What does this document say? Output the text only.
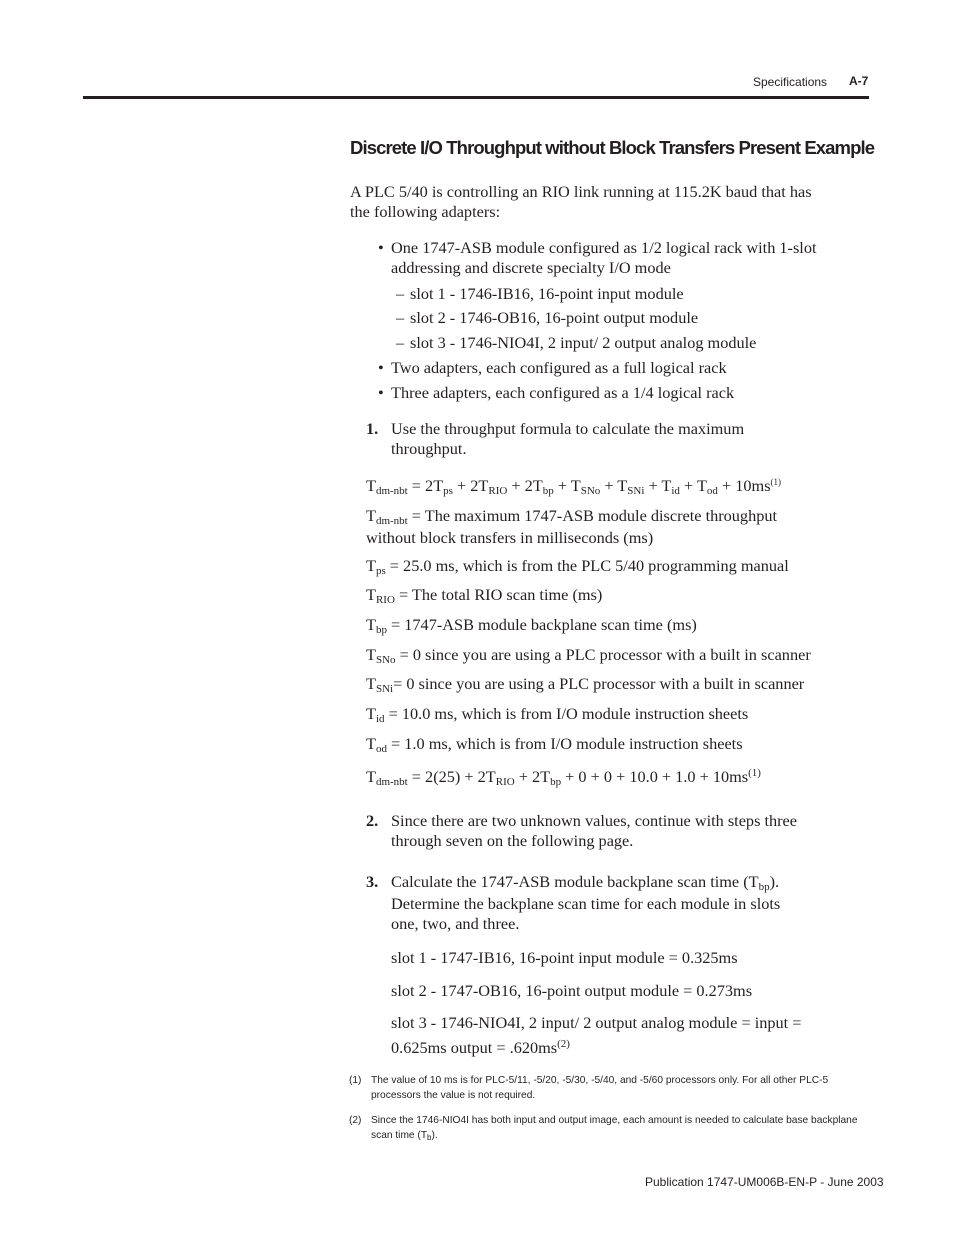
Specifications A-7
Discrete I/O Throughput without Block Transfers Present Example
A PLC 5/40 is controlling an RIO link running at 115.2K baud that has
the following adapters:
• One 1747-ASB module configured as 1/2 logical rack with 1-slot
addressing and discrete specialty I/O mode
– slot 1 - 1746-IB16, 16-point input module
– slot 2 - 1746-OB16, 16-point output module
– slot 3 - 1746-NIO4I, 2 input/ 2 output analog module
• Two adapters, each configured as a full logical rack
• Three adapters, each configured as a 1/4 logical rack
1. Use the throughput formula to calculate the maximum
throughput.
$T_{dm-nbt} = 2T_{ps} + 2T_{RIO} + 2T_{bp} + T_{SNo} + T_{SNi} + T_{id} + T_{od} + 10ms^{(1)}$
$T_{dm-nbt}$ = The maximum 1747-ASB module discrete throughput
without block transfers in milliseconds (ms)
$T_{ps} = 25.0$ ms, which is from the PLC 5/40 programming manual
$T_{RIO}$ = The total RIO scan time (ms)
$T_{bp} = 1747-ASB$ module backplane scan time (ms)
$T_{SNo} = 0$ since you are using a PLC processor with a built in scanner
$T_{SNi}= 0$ since you are using a PLC processor with a built in scanner
$T_{id} = 10.0$ ms, which is from I/O module instruction sheets
$T_{od} = 1.0$ ms, which is from I/O module instruction sheets
$T_{dm-nbt} = 2(25) + 2T_{RIO} + 2T_{bp} + 0 + 0 + 10.0 + 1.0 + 10ms^{(1)}$
2. Since there are two unknown values, continue with steps three
through seven on the following page.
3. Calculate the 1747-ASB module backplane scan time $(T_{bp})$.
Determine the backplane scan time for each module in slots
one, two, and three.
slot 1 - 1747-IB16, 16-point input module = 0.325ms
slot 2 - 1747-OB16, 16-point output module = 0.273ms
slot 3 - 1746-NIO4I, 2 input/ 2 output analog module = input =
0.625ms output = $.620ms^{(2)}$
(1) The value of 10 ms is for PLC-5/11, -5/20, -5/30, -5/40, and -5/60 processors only. For all other PLC-5
processors the value is not required.
(2) Since the 1746-NIO4I has both input and output image, each amount is needed to calculate base backplane
scan time $(T_b)$.
Publication 1747-UM006B-EN-P - June 2003
